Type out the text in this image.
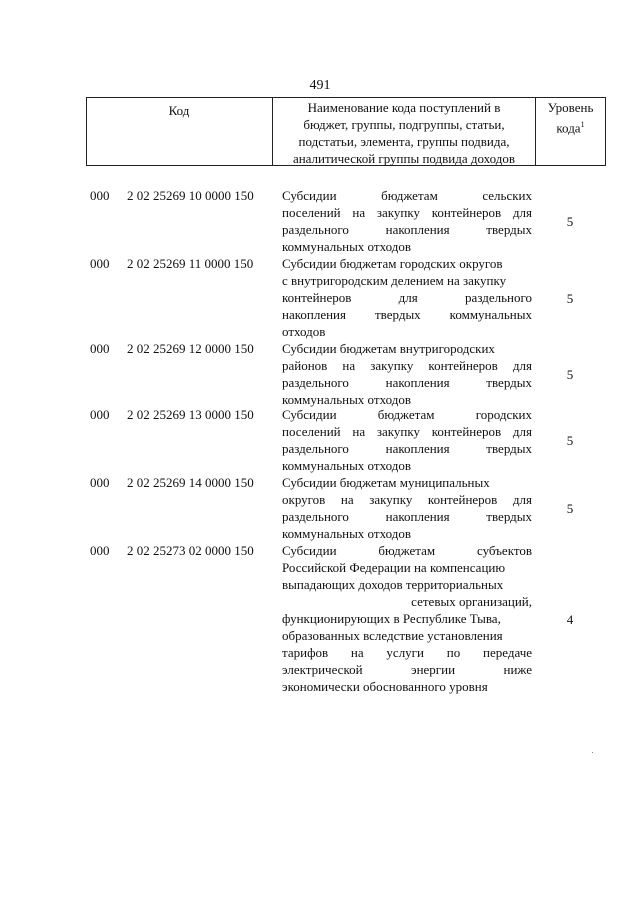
491
Код	Наименование кода поступлений в
бюджет, группы, подгруппы, статьи,
подстатьи, элемента, группы подвида,
аналитической группы подвида доходов
Уровень
кода$^1$
000 2 02 25269 10 0000 150 Субсидии бюджетам сельских
поселений на закупку контейнеров для
раздельного накопления твердых
коммунальных отходов
5
000 2 02 25269 11 0000 150 Субсидии бюджетам городских округов
с внутригородским делением на закупку
контейнеров для раздельного
накопления твердых коммунальных
отходов
5
000 2 02 25269 12 0000 150 Субсидии бюджетам внутригородских
районов на закупку контейнеров для
раздельного накопления твердых
коммунальных отходов
5
000 2 02 25269 13 0000 150 Субсидии бюджетам городских
поселений на закупку контейнеров для
раздельного накопления твердых
коммунальных отходов
5
000 2 02 25269 14 0000 150 Субсидии бюджетам муниципальных
округов на закупку контейнеров для
раздельного накопления твердых
коммунальных отходов
5
000 2 02 25273 02 0000 150 Субсидии бюджетам субъектов
Российской Федерации на компенсацию
выпадающих доходов территориальных
сетевых организаций,
функционирующих в Республике Тыва,
образованных вследствие установления
тарифов на услуги по передаче
электрической энергии ниже
экономически обоснованного уровня
4
